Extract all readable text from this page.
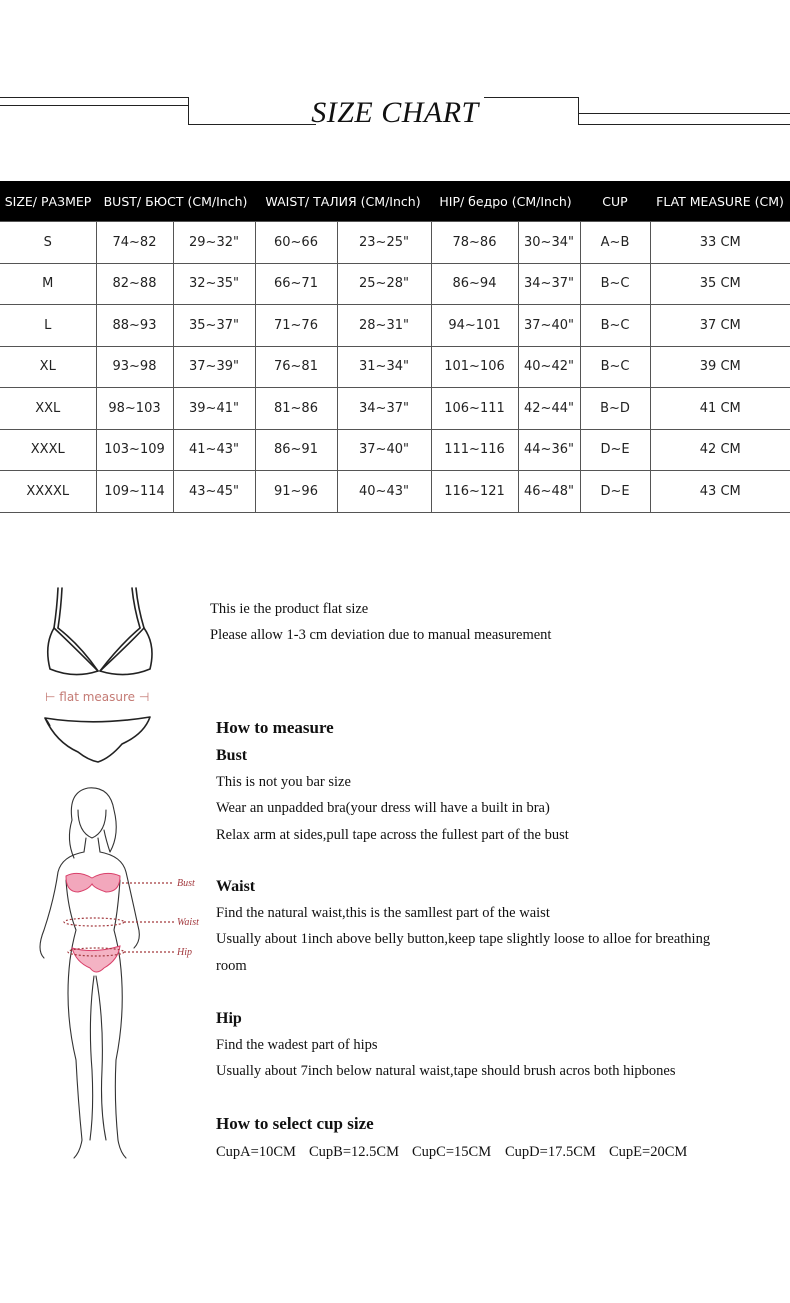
SIZE CHART
SIZE/ РАЗМЕР	BUST/ БЮСТ (CM/Inch)		WAIST/ ТАЛИЯ (CM/Inch)		HIP/ бедро (CM/Inch)		CUP	FLAT MEASURE (CM)
S	74~82	29~32"	60~66	23~25"	78~86	30~34"	A~B	33 CM
M	82~88	32~35"	66~71	25~28"	86~94	34~37"	B~C	35 CM
L	88~93	35~37"	71~76	28~31"	94~101	37~40"	B~C	37 CM
XL	93~98	37~39"	76~81	31~34"	101~106	40~42"	B~C	39 CM
XXL	98~103	39~41"	81~86	34~37"	106~111	42~44"	B~D	41 CM
XXXL	103~109	41~43"	86~91	37~40"	111~116	44~36"	D~E	42 CM
XXXXL	109~114	43~45"	91~96	40~43"	116~121	46~48"	D~E	43 CM
⊢ flat measure ⊣
Bust
Waist
Hip
This ie the product flat size
Please allow 1-3 cm deviation due to manual measurement
How to measure
Bust
This is not you bar size
Wear an unpadded bra(your dress will have a built in bra)
Relax arm at sides,pull tape across the fullest part of the bust
Waist
Find the natural waist,this is the samllest part of the waist
Usually about 1inch above belly button,keep tape slightly loose to alloe for breathing
room
Hip
Find the wadest part of hips
Usually about 7inch below natural waist,tape should brush acros both hipbones
How to select cup size
CupA=10CM CupB=12.5CM CupC=15CM CupD=17.5CM CupE=20CM
